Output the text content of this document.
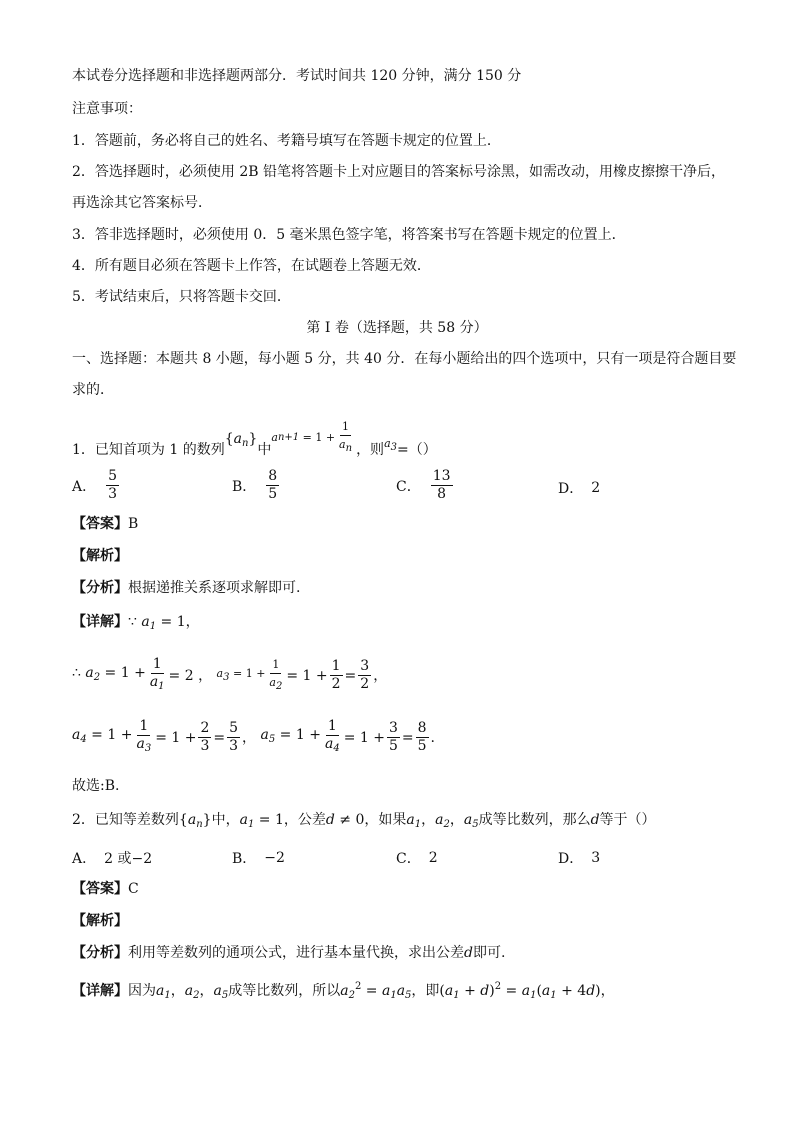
本试卷分选择题和非选择题两部分．考试时间共 120 分钟，满分 150 分
注意事项：
1．答题前，务必将自己的姓名、考籍号填写在答题卡规定的位置上．
2．答选择题时，必须使用 2B 铅笔将答题卡上对应题目的答案标号涂黑，如需改动，用橡皮擦擦干净后，
再选涂其它答案标号．
3．答非选择题时，必须使用 0．5 毫米黑色签字笔，将答案书写在答题卡规定的位置上．
4．所有题目必须在答题卡上作答，在试题卷上答题无效．
5．考试结束后，只将答题卡交回．
第 I 卷（选择题，共 58 分）
一、选择题：本题共 8 小题，每小题 5 分，共 40 分．在每小题给出的四个选项中，只有一项是符合题目要
求的．
1．已知首项为 1 的数列
$\{a_n\}$
中
a $n+1 = 1 + \frac{1}{a_n}$ ，则 $a_3$ =（）
A． $\frac{5}{3}$	B． $\frac{8}{5}$	C． $\frac{13}{8}$	D． 2
【答案】B
【解析】
【分析】根据递推关系逐项求解即可.
【详解】∵ $a_1 = 1$，
∴ $a_2 = 1 + \frac{1}{a_1} = 2$ ， $a_3 = 1 + \frac{1}{a_2} = 1 + \frac{1}{2} = \frac{3}{2}$ ，
$a_4 = 1 + \frac{1}{a_3} = 1 + \frac{2}{3} = \frac{5}{3}$ ， $a_5 = 1 + \frac{1}{a_4} = 1 + \frac{3}{5} = \frac{8}{5}$ .
故选:B.
2．已知等差数列$\{a_n\}$中，$a_1 = 1$，公差d ≠ 0，如果$a_1$，$a_2$，$a_5$成等比数列，那么d等于（）
A． 2 或−2	B． −2	C． 2	D． 3
【答案】C
【解析】
【分析】利用等差数列的通项公式，进行基本量代换，求出公差d即可.
【详解】因为$a_1$，$a_2$，$a_5$成等比数列，所以$a_2^2 = a_1a_5$，即$(a_1 + d)^2 = a_1(a_1 + 4d)$，
